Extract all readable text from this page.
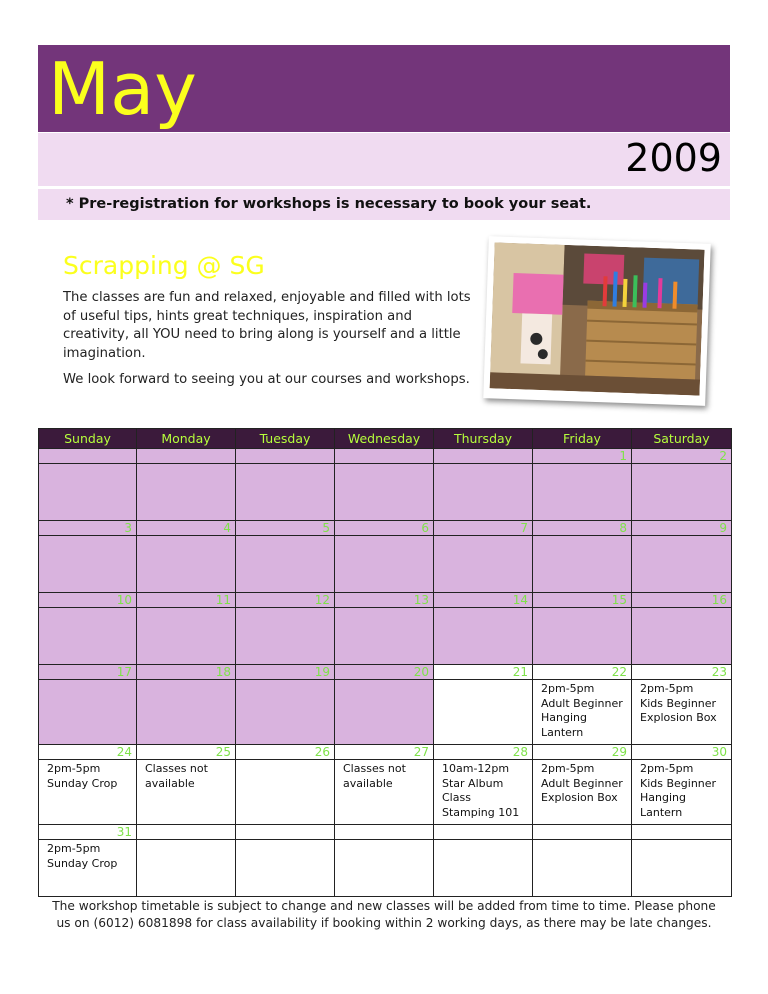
May
2009
* Pre-registration for workshops is necessary to book your seat.
Scrapping @ SG

The classes are fun and relaxed, enjoyable and filled with lots of useful tips, hints great techniques, inspiration and creativity, all YOU need to bring along is yourself and a little imagination.

We look forward to seeing you at our courses and workshops.

Sunday	Monday	Tuesday	Wednesday	Thursday	Friday	Saturday
					1	2

3	4	5	6	7	8	9

10	11	12	13	14	15	16

17	18	19	20	21	22	23

					2pm-5pm
Adult Beginner
Hanging
Lantern	2pm-5pm
Kids Beginner
Explosion Box

24	25	26	27	28	29	30

2pm-5pm
Sunday Crop	Classes not
available		Classes not
available	10am-12pm
Star Album
Class
Stamping 101	2pm-5pm
Adult Beginner
Explosion Box	2pm-5pm
Kids Beginner
Hanging
Lantern

31						

2pm-5pm
Sunday Crop						

The workshop timetable is subject to change and new classes will be added from time to time. Please phone us on (6012) 6081898 for class availability if booking within 2 working days, as there may be late changes.
